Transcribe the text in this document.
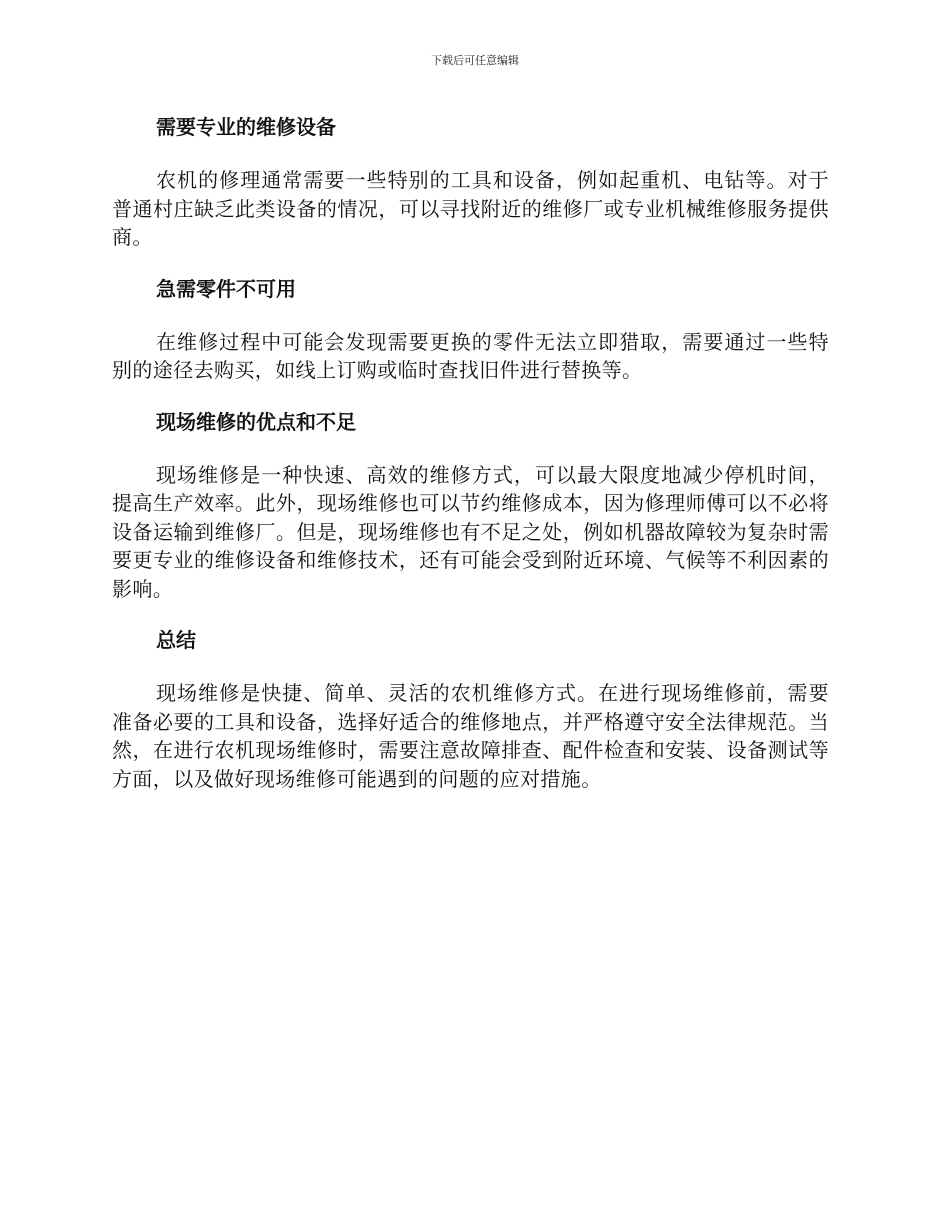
下载后可任意编辑
需要专业的维修设备

农机的修理通常需要一些特别的工具和设备，例如起重机、电钻等。对于普通村庄缺乏此类设备的情况，可以寻找附近的维修厂或专业机械维修服务提供商。

急需零件不可用

在维修过程中可能会发现需要更换的零件无法立即猎取，需要通过一些特别的途径去购买，如线上订购或临时查找旧件进行替换等。

现场维修的优点和不足

现场维修是一种快速、高效的维修方式，可以最大限度地减少停机时间，提高生产效率。此外，现场维修也可以节约维修成本，因为修理师傅可以不必将设备运输到维修厂。但是，现场维修也有不足之处，例如机器故障较为复杂时需要更专业的维修设备和维修技术，还有可能会受到附近环境、气候等不利因素的影响。

总结

现场维修是快捷、简单、灵活的农机维修方式。在进行现场维修前，需要准备必要的工具和设备，选择好适合的维修地点，并严格遵守安全法律规范。当然，在进行农机现场维修时，需要注意故障排查、配件检查和安装、设备测试等方面，以及做好现场维修可能遇到的问题的应对措施。
